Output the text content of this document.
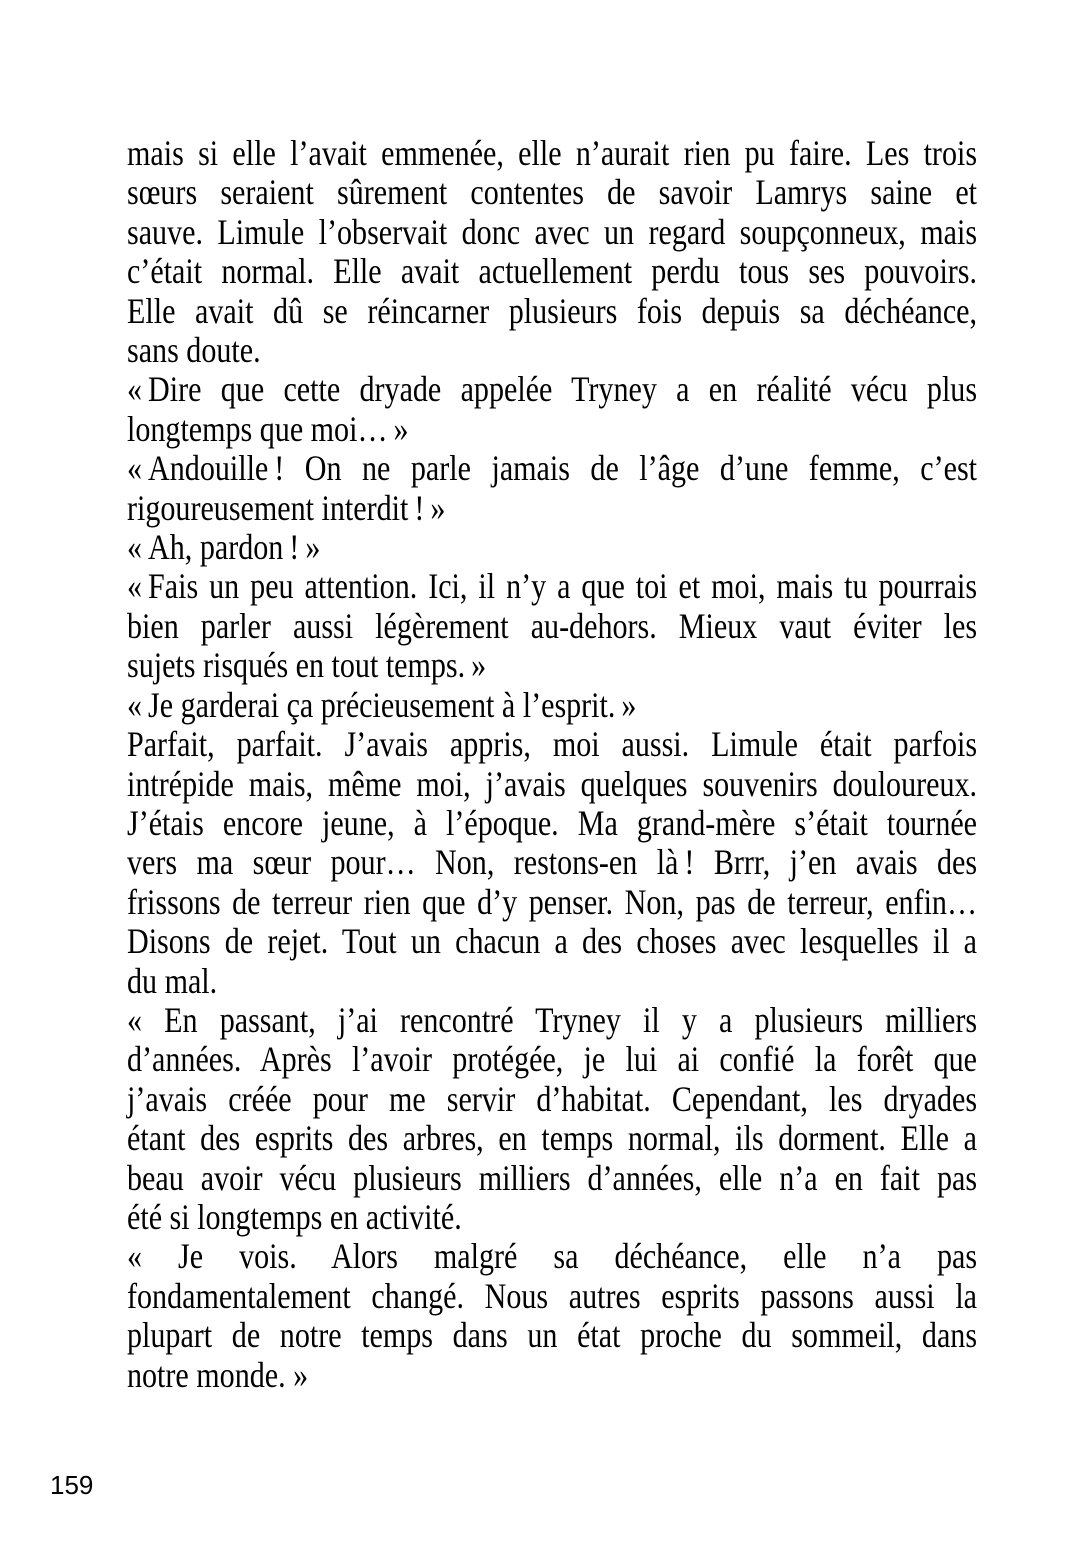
mais si elle l’avait emmenée, elle n’aurait rien pu faire. Les trois
sœurs seraient sûrement contentes de savoir Lamrys saine et
sauve. Limule l’observait donc avec un regard soupçonneux, mais
c’était normal. Elle avait actuellement perdu tous ses pouvoirs.
Elle avait dû se réincarner plusieurs fois depuis sa déchéance,
sans doute.

« Dire que cette dryade appelée Tryney a en réalité vécu plus
longtemps que moi… »

« Andouille ! On ne parle jamais de l’âge d’une femme, c’est
rigoureusement interdit ! »

« Ah, pardon ! »

« Fais un peu attention. Ici, il n’y a que toi et moi, mais tu pourrais
bien parler aussi légèrement au-dehors. Mieux vaut éviter les
sujets risqués en tout temps. »

« Je garderai ça précieusement à l’esprit. »

Parfait, parfait. J’avais appris, moi aussi. Limule était parfois
intrépide mais, même moi, j’avais quelques souvenirs douloureux.
J’étais encore jeune, à l’époque. Ma grand-mère s’était tournée
vers ma sœur pour… Non, restons-en là ! Brrr, j’en avais des
frissons de terreur rien que d’y penser. Non, pas de terreur, enfin…
Disons de rejet. Tout un chacun a des choses avec lesquelles il a
du mal.

« En passant, j’ai rencontré Tryney il y a plusieurs milliers
d’années. Après l’avoir protégée, je lui ai confié la forêt que
j’avais créée pour me servir d’habitat. Cependant, les dryades
étant des esprits des arbres, en temps normal, ils dorment. Elle a
beau avoir vécu plusieurs milliers d’années, elle n’a en fait pas
été si longtemps en activité.

« Je vois. Alors malgré sa déchéance, elle n’a pas
fondamentalement changé. Nous autres esprits passons aussi la
plupart de notre temps dans un état proche du sommeil, dans
notre monde. »

159
